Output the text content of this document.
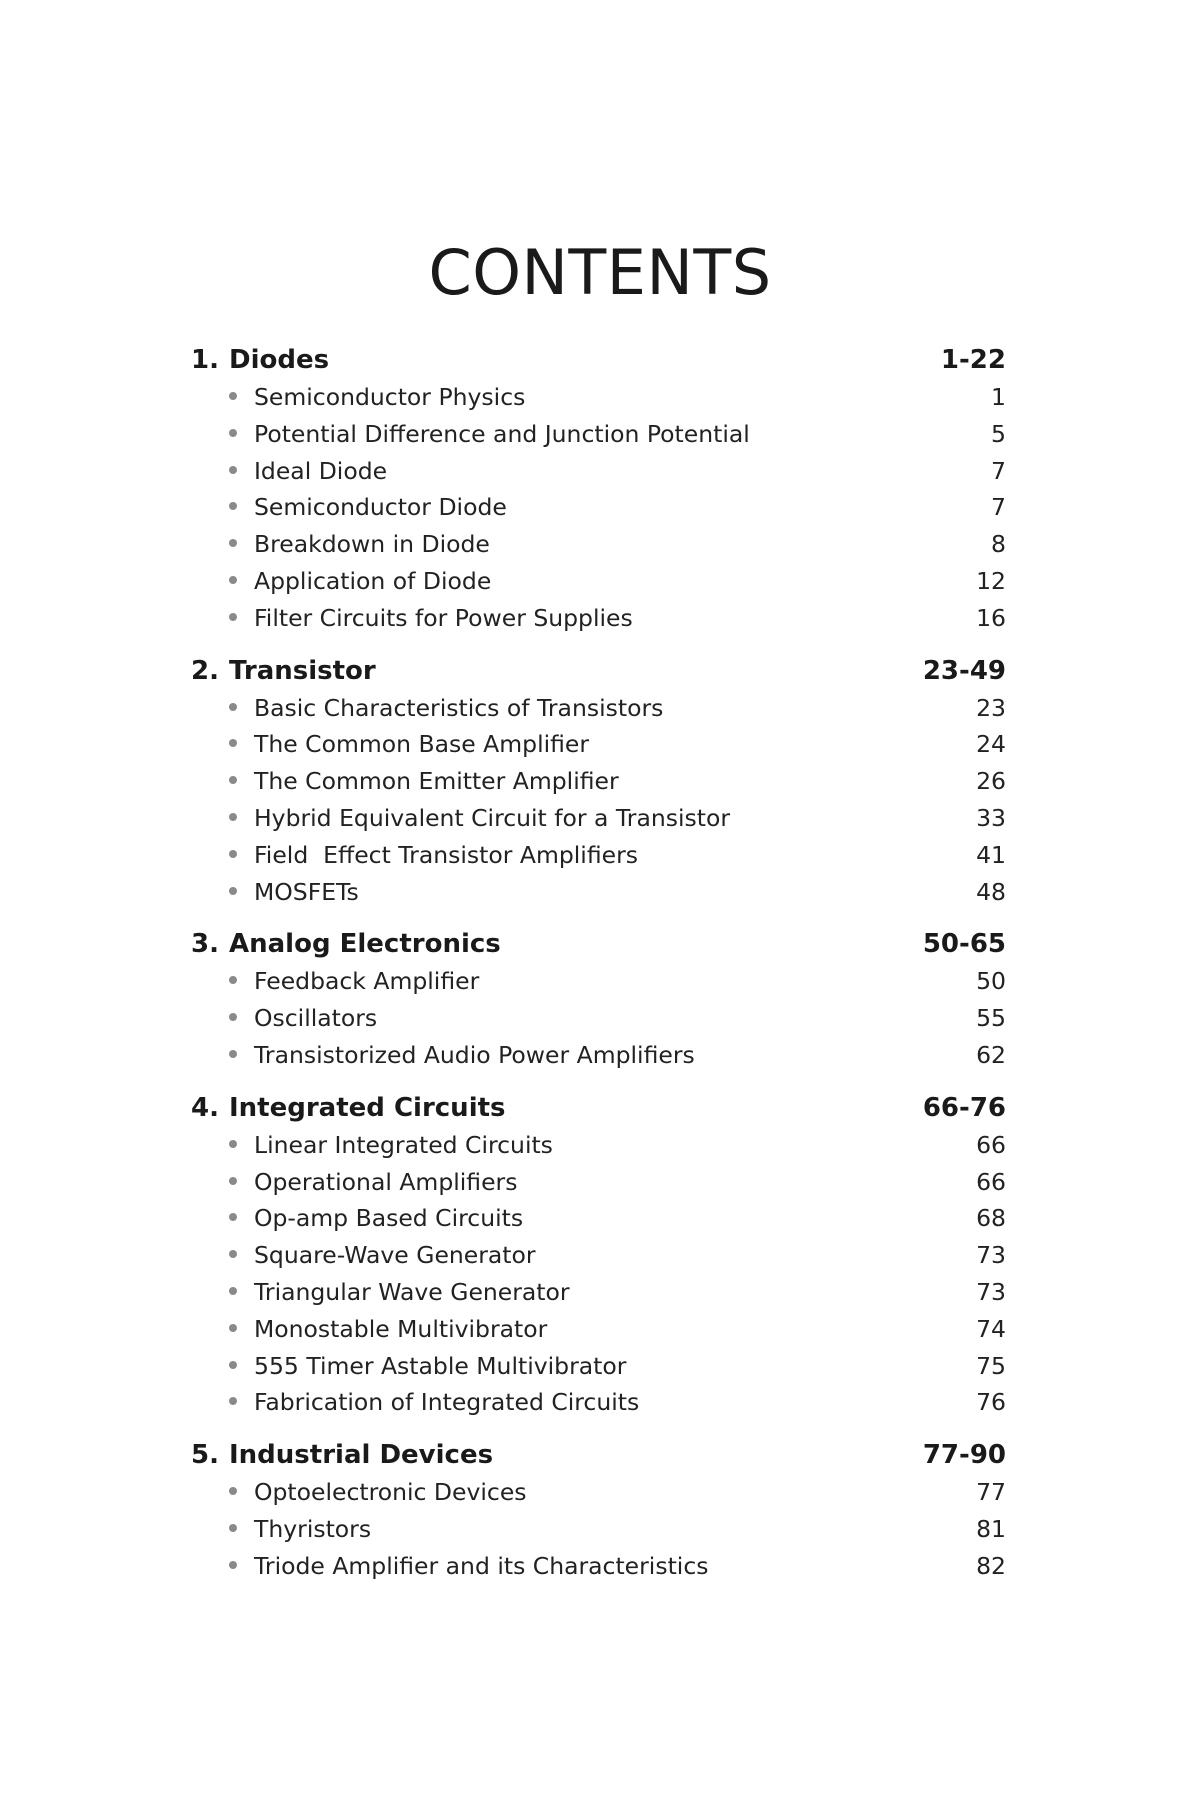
CONTENTS
1. Diodes	1-22
Semiconductor Physics	1
Potential Difference and Junction Potential	5
Ideal Diode	7
Semiconductor Diode	7
Breakdown in Diode	8
Application of Diode	12
Filter Circuits for Power Supplies	16
2. Transistor	23-49
Basic Characteristics of Transistors	23
The Common Base Amplifier	24
The Common Emitter Amplifier	26
Hybrid Equivalent Circuit for a Transistor	33
Field  Effect Transistor Amplifiers	41
MOSFETs	48
3. Analog Electronics	50-65
Feedback Amplifier	50
Oscillators	55
Transistorized Audio Power Amplifiers	62
4. Integrated Circuits	66-76
Linear Integrated Circuits	66
Operational Amplifiers	66
Op-amp Based Circuits	68
Square-Wave Generator	73
Triangular Wave Generator	73
Monostable Multivibrator	74
555 Timer Astable Multivibrator	75
Fabrication of Integrated Circuits	76
5. Industrial Devices	77-90
Optoelectronic Devices	77
Thyristors	81
Triode Amplifier and its Characteristics	82
